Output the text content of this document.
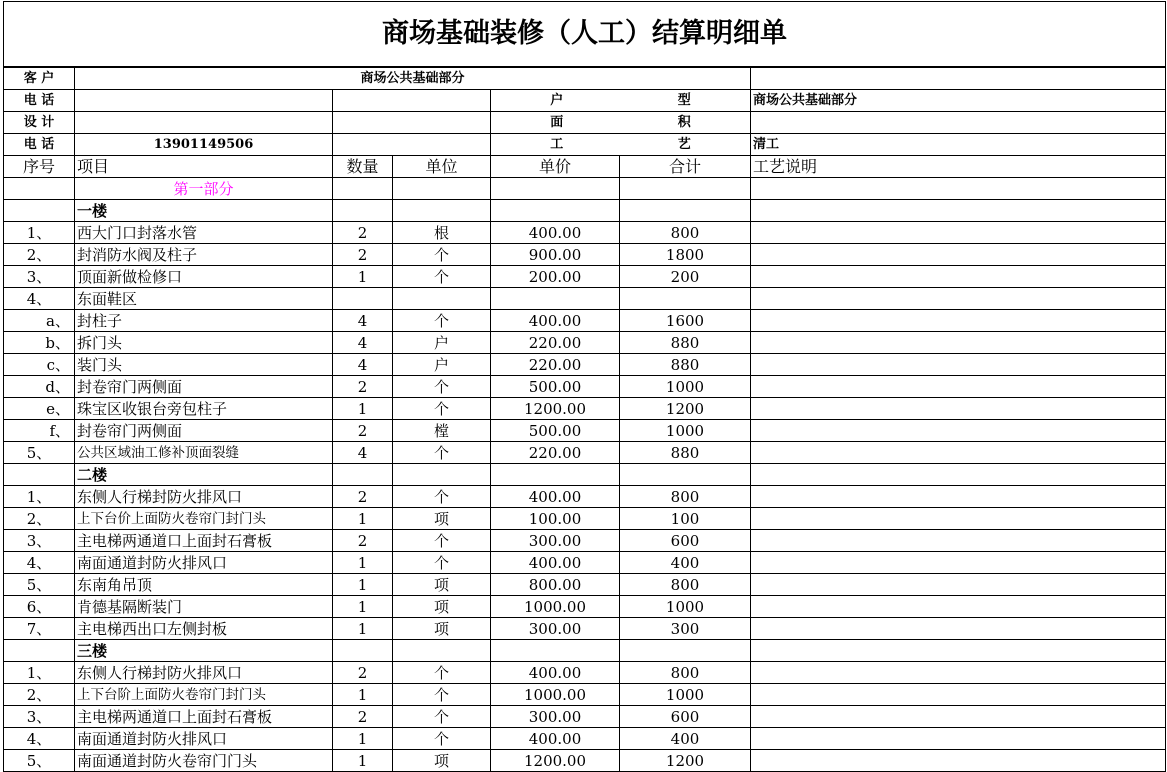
商场基础装修（人工）结算明细单						
客 户	商场公共基础部分					
电 话				户 型		商场公共基础部分
设 计				面 积		

电 话	13901149506			工 艺		清工
序号	项目	数量	单位	单价	合计	工艺说明
	第一部分					
	一楼					
1、	西大门口封落水管	2	根	400.00	800	
2、	封消防水阀及柱子	2	个	900.00	1800	
3、	顶面新做检修口	1	个	200.00	200	
4、	东面鞋区					
a、	封柱子	4	个	400.00	1600	
b、	拆门头	4	户	220.00	880	
c、	装门头	4	户	220.00	880	
d、	封卷帘门两侧面	2	个	500.00	1000	
e、	珠宝区收银台旁包柱子	1	个	1200.00	1200	
f、	封卷帘门两侧面	2	樘	500.00	1000	
5、	公共区域油工修补顶面裂缝	4	个	220.00	880	
	二楼					
1、	东侧人行梯封防火排风口	2	个	400.00	800	
2、	上下台价上面防火卷帘门封门头	1	项	100.00	100	
3、	主电梯两通道口上面封石膏板	2	个	300.00	600	
4、	南面通道封防火排风口	1	个	400.00	400	
5、	东南角吊顶	1	项	800.00	800	
6、	肯德基隔断装门	1	项	1000.00	1000	
7、	主电梯西出口左侧封板	1	项	300.00	300	
	三楼					
1、	东侧人行梯封防火排风口	2	个	400.00	800	
2、	上下台阶上面防火卷帘门封门头	1	个	1000.00	1000	
3、	主电梯两通道口上面封石膏板	2	个	300.00	600	
4、	南面通道封防火排风口	1	个	400.00	400	
5、	南面通道封防火卷帘门门头	1	项	1200.00	1200	
